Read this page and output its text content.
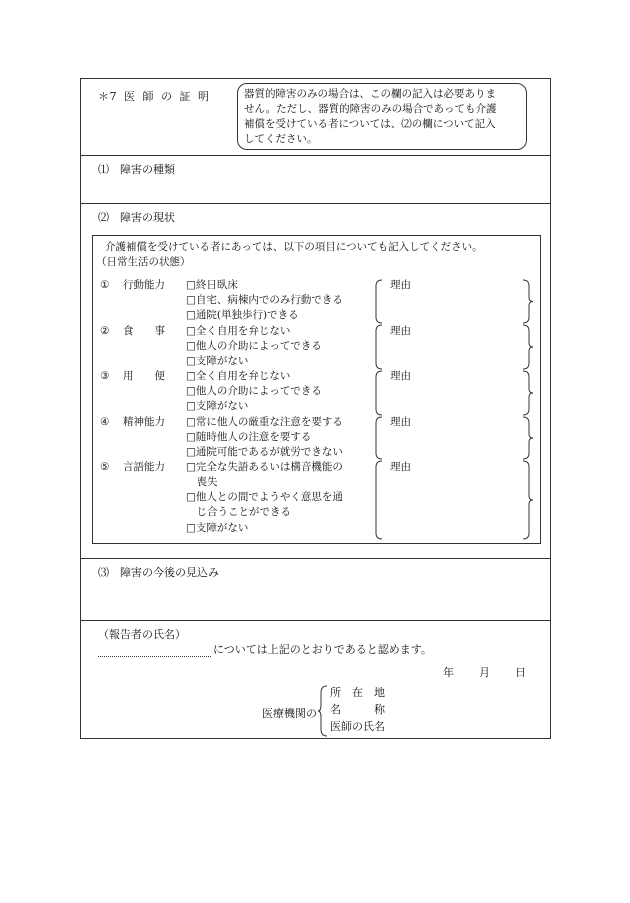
＊7 医 師 の 証 明	器質的障害のみの場合は、この欄の記入は必要ありま
せん。ただし、器質的障害のみの場合であっても介護
補償を受けている者については、⑵の欄について記入
してください。
⑴　障害の種類
⑵　障害の現状
介護補償を受けている者にあっては、以下の項目についても記入してください。
（日常生活の状態）
① 行動能力 □終日臥床
□自宅、病棟内でのみ行動できる
□通院(単独歩行)できる
理由
② 食　　事 □全く自用を弁じない
□他人の介助によってできる
□支障がない
理由
③ 用　　便 □全く自用を弁じない
□他人の介助によってできる
□支障がない
理由
④ 精神能力 □常に他人の厳重な注意を要する
□随時他人の注意を要する
□通院可能であるが就労できない
理由
⑤ 言語能力 □完全な失語あるいは構音機能の
　喪失
□他人との間でようやく意思を通
　じ合うことができる
□支障がない
理由
⑶　障害の今後の見込み
（報告者の氏名）
については上記のとおりであると認めます。
年 月 日
医療機関の
所　在　地
名　　　称
医師の氏名
